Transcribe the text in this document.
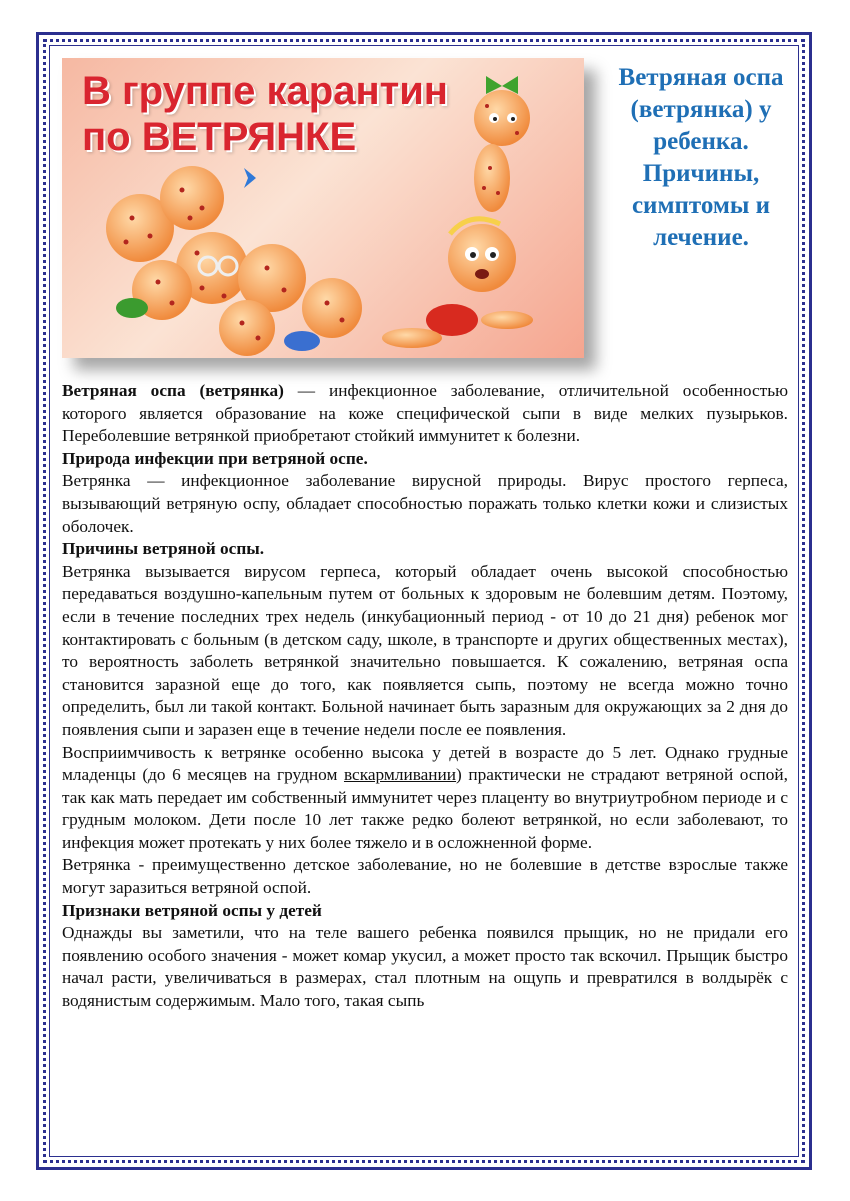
В группе карантин
по ВЕТРЯНКЕ
Ветряная оспа (ветрянка) у ребенка. Причины, симптомы и лечение.

Ветряная оспа (ветрянка) — инфекционное заболевание, отличительной особенностью которого является образование на коже специфической сыпи в виде мелких пузырьков. Переболевшие ветрянкой приобретают стойкий иммунитет к болезни.

Природа инфекции при ветряной оспе.

Ветрянка — инфекционное заболевание вирусной природы. Вирус простого герпеса, вызывающий ветряную оспу, обладает способностью поражать только клетки кожи и слизистых оболочек.

Причины ветряной оспы.

Ветрянка вызывается вирусом герпеса, который обладает очень высокой способностью передаваться воздушно-капельным путем от больных к здоровым не болевшим детям. Поэтому, если в течение последних трех недель (инкубационный период - от 10 до 21 дня) ребенок мог контактировать с больным (в детском саду, школе, в транспорте и других общественных местах), то вероятность заболеть ветрянкой значительно повышается. К сожалению, ветряная оспа становится заразной еще до того, как появляется сыпь, поэтому не всегда можно точно определить, был ли такой контакт. Больной начинает быть заразным для окружающих за 2 дня до появления сыпи и заразен еще в течение недели после ее появления.

Восприимчивость к ветрянке особенно высока у детей в возрасте до 5 лет. Однако грудные младенцы (до 6 месяцев на грудном вскармливании) практически не страдают ветряной оспой, так как мать передает им собственный иммунитет через плаценту во внутриутробном периоде и с грудным молоком. Дети после 10 лет также редко болеют ветрянкой, но если заболевают, то инфекция может протекать у них более тяжело и в осложненной форме.

Ветрянка - преимущественно детское заболевание, но не болевшие в детстве взрослые также могут заразиться ветряной оспой.

Признаки ветряной оспы у детей

Однажды вы заметили, что на теле вашего ребенка появился прыщик, но не придали его появлению особого значения - может комар укусил, а может просто так вскочил. Прыщик быстро начал расти, увеличиваться в размерах, стал плотным на ощупь и превратился в волдырёк с водянистым содержимым. Мало того, такая сыпь
